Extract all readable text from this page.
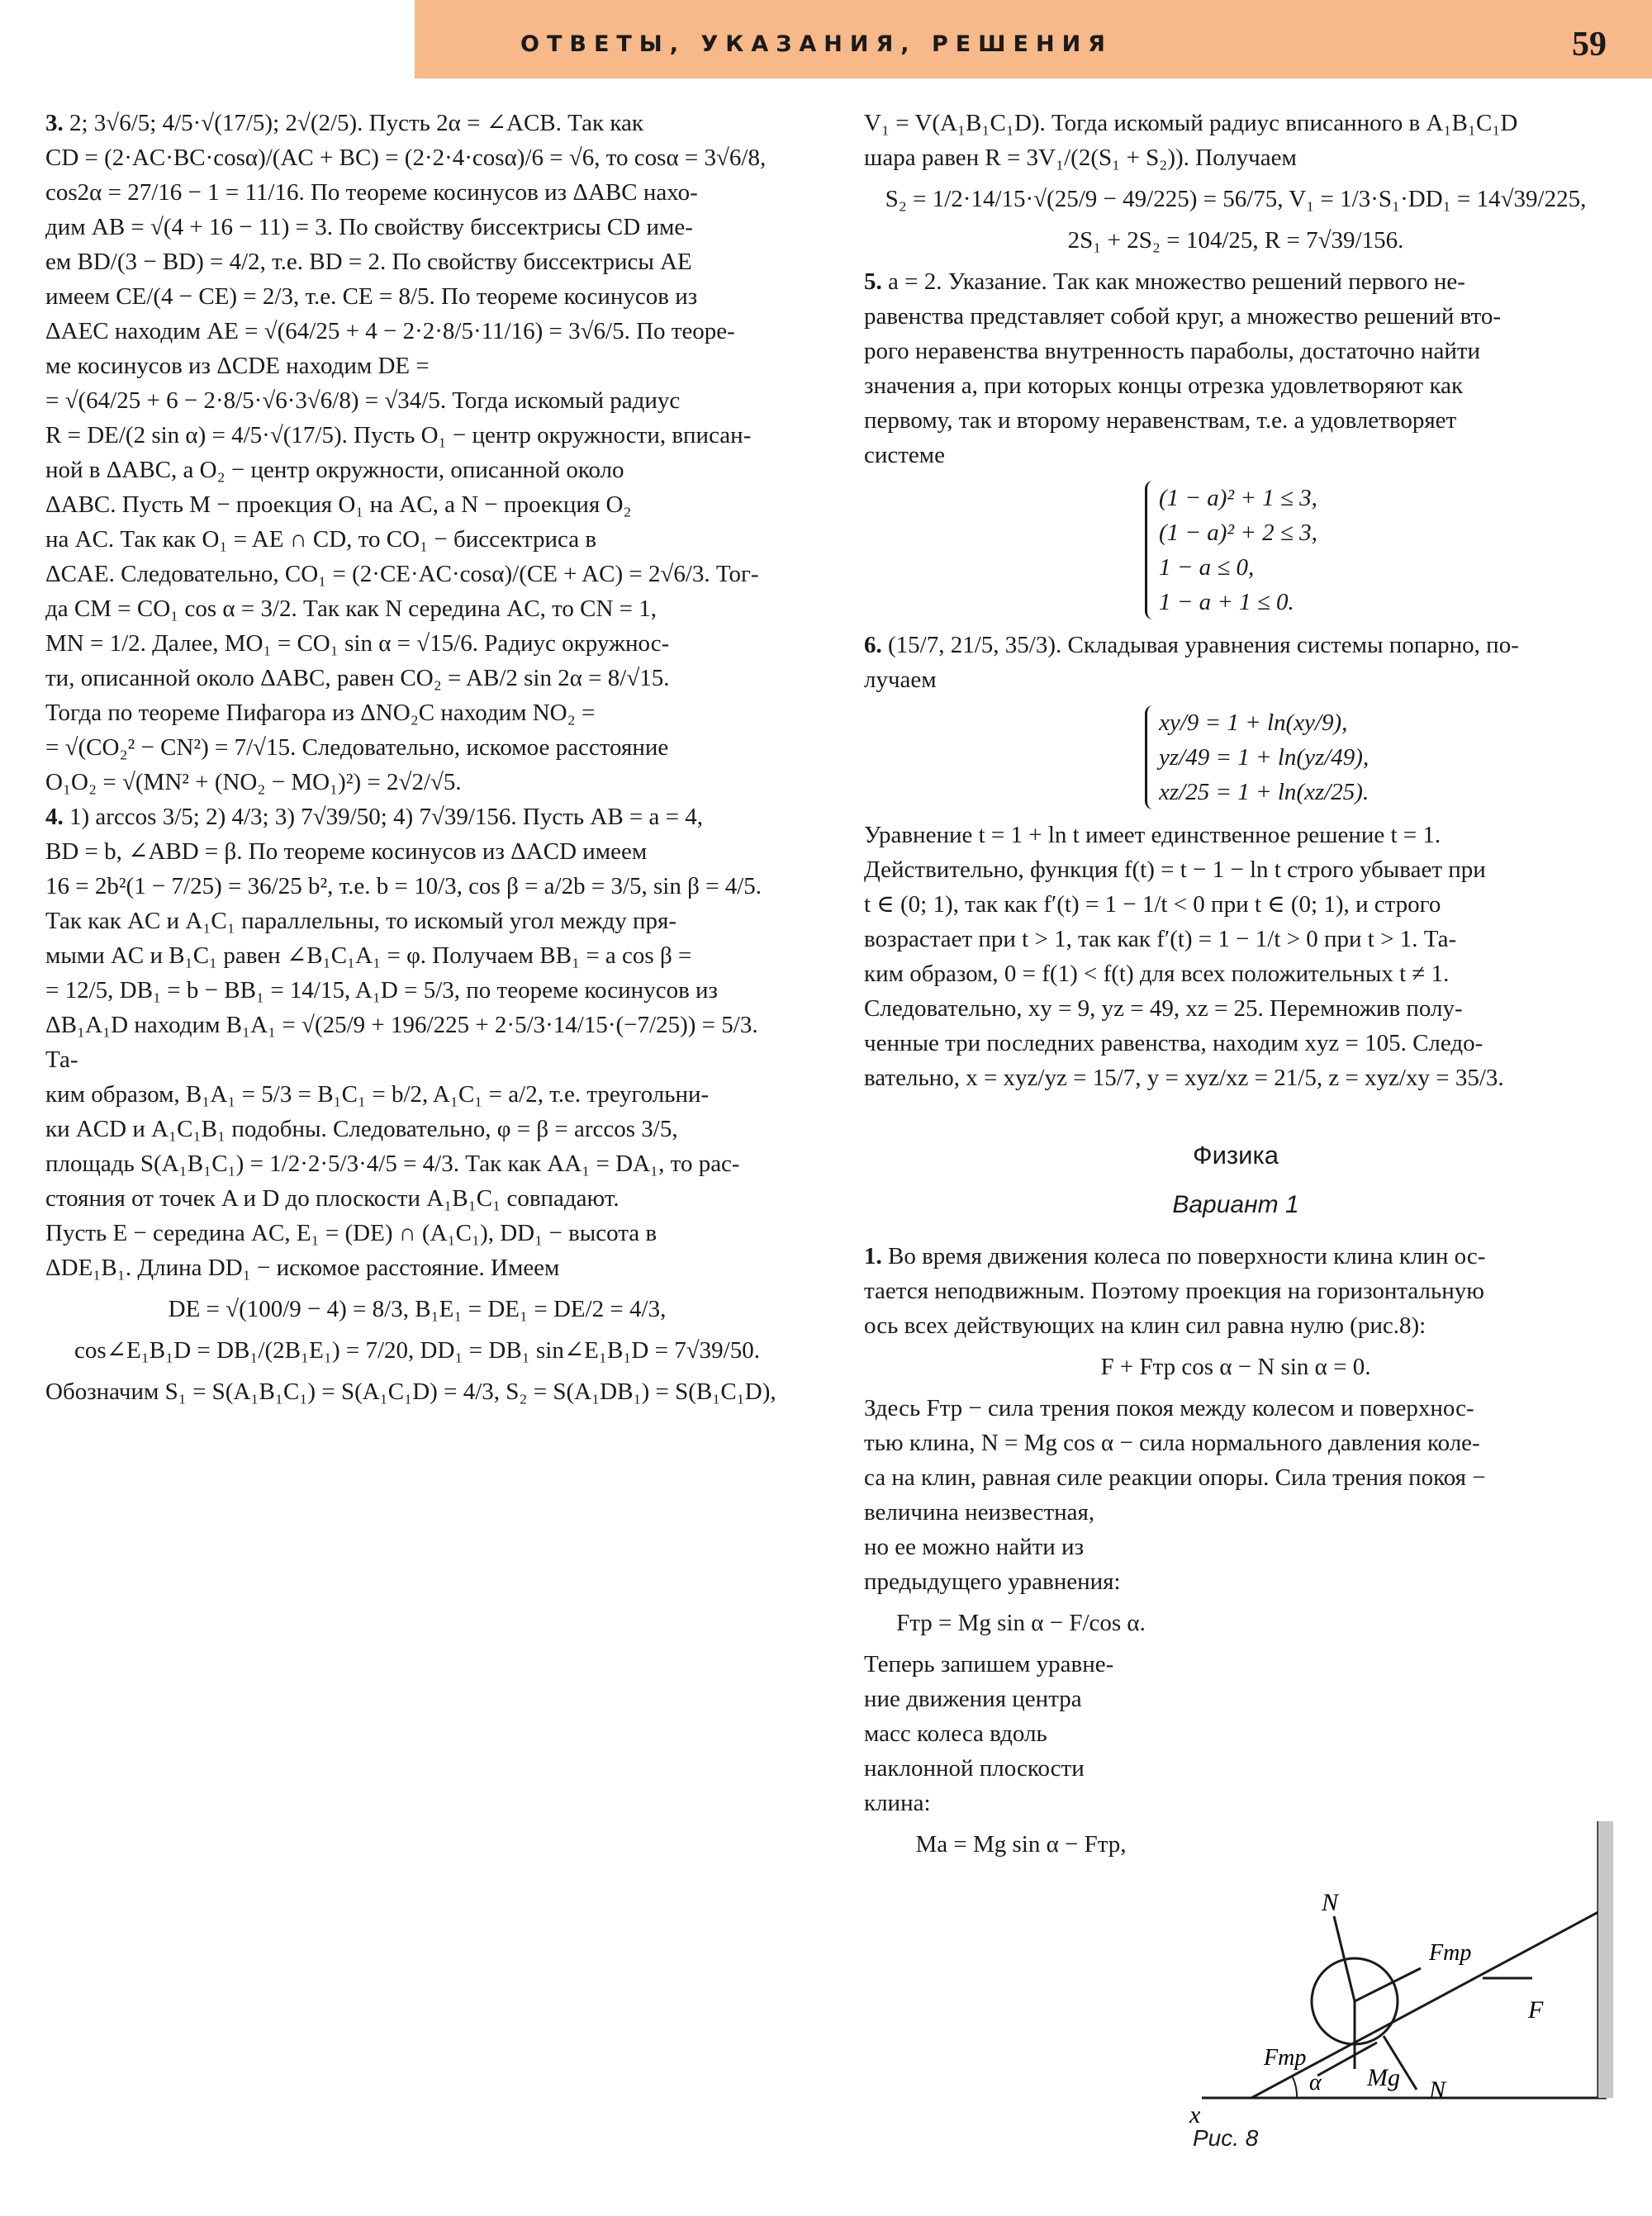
ОТВЕТЫ, УКАЗАНИЯ, РЕШЕНИЯ	59
3. 2; 3√6/5; 4/5·√(17/5); 2√(2/5). Пусть 2α = ∠ACB. Так как
CD = (2·AC·BC·cosα)/(AC + BC) = (2·2·4·cosα)/6 = √6, то cosα = 3√6/8,
cos2α = 27/16 − 1 = 11/16. По теореме косинусов из ΔABC нахо-
дим AB = √(4 + 16 − 11) = 3. По свойству биссектрисы CD име-
ем BD/(3 − BD) = 4/2, т.е. BD = 2. По свойству биссектрисы AE
имеем CE/(4 − CE) = 2/3, т.е. CE = 8/5. По теореме косинусов из
ΔAEC находим AE = √(64/25 + 4 − 2·2·8/5·11/16) = 3√6/5. По теоре-
ме косинусов из ΔCDE находим DE =
= √(64/25 + 6 − 2·8/5·√6·3√6/8) = √34/5. Тогда искомый радиус
R = DE/(2 sin α) = 4/5·√(17/5). Пусть O₁ − центр окружности, вписан-
ной в ΔABC, а O₂ − центр окружности, описанной около
ΔABC. Пусть M − проекция O₁ на AC, а N − проекция O₂
на AC. Так как O₁ = AE ∩ CD, то CO₁ − биссектриса в
ΔCAE. Следовательно, CO₁ = (2·CE·AC·cosα)/(CE + AC) = 2√6/3. Тог-
да CM = CO₁ cos α = 3/2. Так как N середина AC, то CN = 1,
MN = 1/2. Далее, MO₁ = CO₁ sin α = √15/6. Радиус окружнос-
ти, описанной около ΔABC, равен CO₂ = AB/2 sin 2α = 8/√15.
Тогда по теореме Пифагора из ΔNO₂C находим NO₂ =
= √(CO₂² − CN²) = 7/√15. Следовательно, искомое расстояние
O₁O₂ = √(MN² + (NO₂ − MO₁)²) = 2√2/√5.
4. 1) arccos 3/5; 2) 4/3; 3) 7√39/50; 4) 7√39/156. Пусть AB = a = 4,
BD = b, ∠ABD = β. По теореме косинусов из ΔACD имеем
16 = 2b²(1 − 7/25) = 36/25 b², т.е. b = 10/3, cos β = a/2b = 3/5, sin β = 4/5.
Так как AC и A₁C₁ параллельны, то искомый угол между пря-
мыми AC и B₁C₁ равен ∠B₁C₁A₁ = φ. Получаем BB₁ = a cos β =
= 12/5, DB₁ = b − BB₁ = 14/15, A₁D = 5/3, по теореме косинусов из
ΔB₁A₁D находим B₁A₁ = √(25/9 + 196/225 + 2·5/3·14/15·(−7/25)) = 5/3. Та-
ким образом, B₁A₁ = 5/3 = B₁C₁ = b/2, A₁C₁ = a/2, т.е. треугольни-
ки ACD и A₁C₁B₁ подобны. Следовательно, φ = β = arccos 3/5,
площадь S(A₁B₁C₁) = 1/2·2·5/3·4/5 = 4/3. Так как AA₁ = DA₁, то рас-
стояния от точек A и D до плоскости A₁B₁C₁ совпадают.
Пусть E − середина AC, E₁ = (DE) ∩ (A₁C₁), DD₁ − высота в
ΔDE₁B₁. Длина DD₁ − искомое расстояние. Имеем
DE = √(100/9 − 4) = 8/3, B₁E₁ = DE₁ = DE/2 = 4/3,
cos∠E₁B₁D = DB₁/(2B₁E₁) = 7/20, DD₁ = DB₁ sin∠E₁B₁D = 7√39/50.
Обозначим S₁ = S(A₁B₁C₁) = S(A₁C₁D) = 4/3, S₂ = S(A₁DB₁) = S(B₁C₁D),
V₁ = V(A₁B₁C₁D). Тогда искомый радиус вписанного в A₁B₁C₁D
шара равен R = 3V₁/(2(S₁ + S₂)). Получаем
S₂ = 1/2·14/15·√(25/9 − 49/225) = 56/75, V₁ = 1/3·S₁·DD₁ = 14√39/225,
2S₁ + 2S₂ = 104/25, R = 7√39/156.
5. a = 2. Указание. Так как множество решений первого не-
равенства представляет собой круг, а множество решений вто-
рого неравенства внутренность параболы, достаточно найти
значения a, при которых концы отрезка удовлетворяют как
первому, так и второму неравенствам, т.е. a удовлетворяет
системе
(1 − a)² + 1 ≤ 3,
(1 − a)² + 2 ≤ 3,
1 − a ≤ 0,
1 − a + 1 ≤ 0.
6. (15/7, 21/5, 35/3). Складывая уравнения системы попарно, по-
лучаем
xy/9 = 1 + ln(xy/9),
yz/49 = 1 + ln(yz/49),
xz/25 = 1 + ln(xz/25).
Уравнение t = 1 + ln t имеет единственное решение t = 1.
Действительно, функция f(t) = t − 1 − ln t строго убывает при
t ∈ (0; 1), так как f′(t) = 1 − 1/t < 0 при t ∈ (0; 1), и строго
возрастает при t > 1, так как f′(t) = 1 − 1/t > 0 при t > 1. Та-
ким образом, 0 = f(1) < f(t) для всех положительных t ≠ 1.
Следовательно, xy = 9, yz = 49, xz = 25. Перемножив полу-
ченные три последних равенства, находим xyz = 105. Следо-
вательно, x = xyz/yz = 15/7, y = xyz/xz = 21/5, z = xyz/xy = 35/3.
Физика
Вариант 1
1. Во время движения колеса по поверхности клина клин ос-
тается неподвижным. Поэтому проекция на горизонтальную
ось всех действующих на клин сил равна нулю (рис.8):
F + Fтр cos α − N sin α = 0.
Здесь Fтр − сила трения покоя между колесом и поверхнос-
тью клина, N = Mg cos α − сила нормального давления коле-
са на клин, равная силе реакции опоры. Сила трения покоя −
величина неизвестная,
но ее можно найти из
предыдущего уравнения:
Fтр = Mg sin α − F/cos α.
Теперь запишем уравне-
ние движения центра
масс колеса вдоль
наклонной плоскости
клина:
Ma = Mg sin α − Fтр,
N
Fтр
F
Fтр
Mg N
α
x
Рис. 8
